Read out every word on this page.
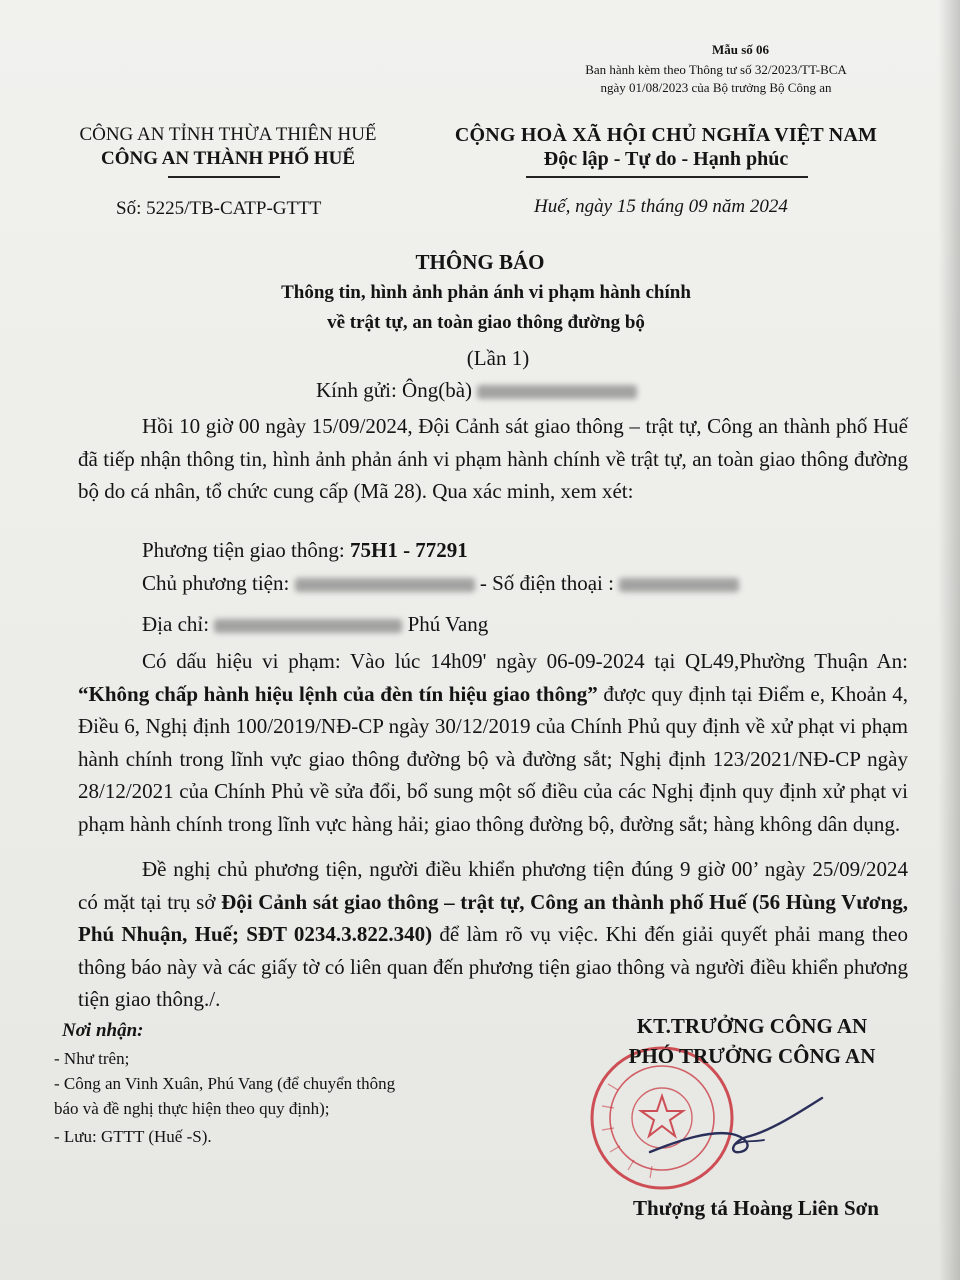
Mẫu số 06
Ban hành kèm theo Thông tư số 32/2023/TT-BCA
ngày 01/08/2023 của Bộ trưởng Bộ Công an
CÔNG AN TỈNH THỪA THIÊN HUẾ
CÔNG AN THÀNH PHỐ HUẾ
CỘNG HOÀ XÃ HỘI CHỦ NGHĨA VIỆT NAM
Độc lập - Tự do - Hạnh phúc
Số: 5225/TB-CATP-GTTT	Huế, ngày 15 tháng 09 năm 2024
THÔNG BÁO
Thông tin, hình ảnh phản ánh vi phạm hành chính
về trật tự, an toàn giao thông đường bộ
(Lần 1)
Kính gửi: Ông(bà)
Hồi 10 giờ 00 ngày 15/09/2024, Đội Cảnh sát giao thông – trật tự, Công an thành phố Huế đã tiếp nhận thông tin, hình ảnh phản ánh vi phạm hành chính về trật tự, an toàn giao thông đường bộ do cá nhân, tổ chức cung cấp (Mã 28). Qua xác minh, xem xét:
Phương tiện giao thông: 75H1 - 77291
Chủ phương tiện:	- Số điện thoại :
Địa chỉ:	Phú Vang
Có dấu hiệu vi phạm: Vào lúc 14h09' ngày 06-09-2024 tại QL49,Phường Thuận An: “Không chấp hành hiệu lệnh của đèn tín hiệu giao thông” được quy định tại Điểm e, Khoản 4, Điều 6, Nghị định 100/2019/NĐ-CP ngày 30/12/2019 của Chính Phủ quy định về xử phạt vi phạm hành chính trong lĩnh vực giao thông đường bộ và đường sắt; Nghị định 123/2021/NĐ-CP ngày 28/12/2021 của Chính Phủ về sửa đổi, bổ sung một số điều của các Nghị định quy định xử phạt vi phạm hành chính trong lĩnh vực hàng hải; giao thông đường bộ, đường sắt; hàng không dân dụng.
Đề nghị chủ phương tiện, người điều khiển phương tiện đúng 9 giờ 00’ ngày 25/09/2024 có mặt tại trụ sở Đội Cảnh sát giao thông – trật tự, Công an thành phố Huế (56 Hùng Vương, Phú Nhuận, Huế; SĐT 0234.3.822.340) để làm rõ vụ việc. Khi đến giải quyết phải mang theo thông báo này và các giấy tờ có liên quan đến phương tiện giao thông và người điều khiển phương tiện giao thông./.
Nơi nhận:
- Như trên;
- Công an Vinh Xuân, Phú Vang (để chuyển thông
báo và đề nghị thực hiện theo quy định);
- Lưu: GTTT (Huế -S).
KT.TRƯỞNG CÔNG AN
PHÓ TRƯỞNG CÔNG AN
Thượng tá Hoàng Liên Sơn
